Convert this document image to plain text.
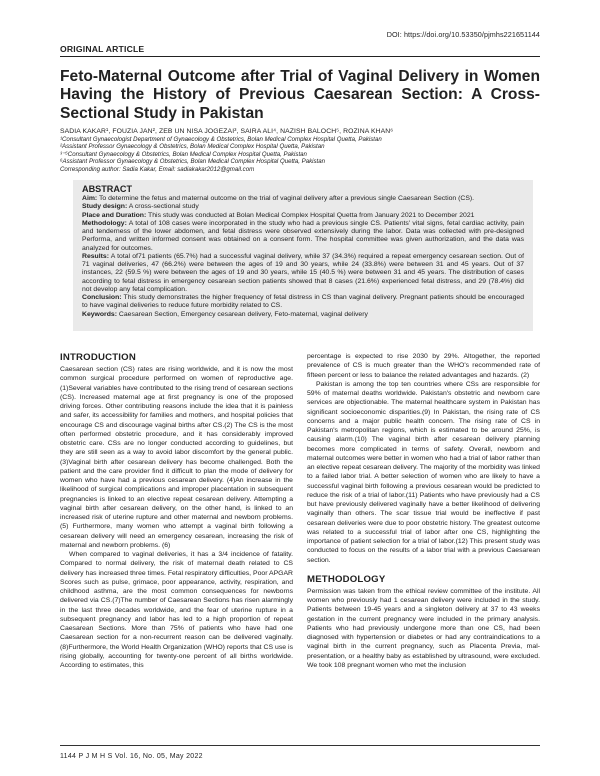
DOI: https://doi.org/10.53350/pjmhs221651144
ORIGINAL ARTICLE
Feto-Maternal Outcome after Trial of Vaginal Delivery in Women Having the History of Previous Caesarean Section: A Cross-Sectional Study in Pakistan
SADIA KAKAR¹, FOUZIA JAN², ZEB UN NISA JOGEZAI³, SAIRA ALI⁴, NAZISH BALOCH⁵, ROZINA KHAN⁶
¹Consultant Gynaecologist Department of Gynaecology & Obstetrics, Bolan Medical Complex Hospital Quetta, Pakistan
²Assistant Professor Gynaecology & Obstetrics, Bolan Medical Complex Hospital Quetta, Pakistan
³⁻⁵Consultant Gynaecology & Obstetrics, Bolan Medical Complex Hospital Quetta, Pakistan
⁶Assistant Professor Gynaecology & Obstetrics, Bolan Medical Complex Hospital Quetta, Pakistan
Corresponding author: Sadia Kakar, Email: sadiakakar2012@gmail.com
ABSTRACT

Aim: To determine the fetus and maternal outcome on the trial of vaginal delivery after a previous single Caesarean Section (CS).

Study design: A cross-sectional study

Place and Duration: This study was conducted at Bolan Medical Complex Hospital Quetta from January 2021 to December 2021

Methodology: A total of 108 cases were incorporated in the study who had a previous single CS. Patients' vital signs, fetal cardiac activity, pain and tenderness of the lower abdomen, and fetal distress were observed extensively during the labor. Data was collected with pre-designed Performa, and written informed consent was obtained on a consent form. The hospital committee was given authorization, and the data was analyzed for outcomes.

Results: A total of71 patients (65.7%) had a successful vaginal delivery, while 37 (34.3%) required a repeat emergency cesarean section. Out of 71 vaginal deliveries, 47 (66.2%) were between the ages of 19 and 30 years, while 24 (33.8%) were between 31 and 45 years. Out of 37 instances, 22 (59.5 %) were between the ages of 19 and 30 years, while 15 (40.5 %) were between 31 and 45 years. The distribution of cases according to fetal distress in emergency cesarean section patients showed that 8 cases (21.6%) experienced fetal distress, and 29 (78.4%) did not develop any fetal complication.

Conclusion: This study demonstrates the higher frequency of fetal distress in CS than vaginal delivery. Pregnant patients should be encouraged to have vaginal deliveries to reduce future morbidity related to CS.

Keywords: Caesarean Section, Emergency cesarean delivery, Feto-maternal, vaginal delivery

INTRODUCTION

Caesarean section (CS) rates are rising worldwide, and it is now the most common surgical procedure performed on women of reproductive age.(1)Several variables have contributed to the rising trend of cesarean sections (CS). Increased maternal age at first pregnancy is one of the proposed driving forces. Other contributing reasons include the idea that it is painless and safer, its accessibility for families and mothers, and hospital policies that encourage CS and discourage vaginal births after CS.(2) The CS is the most often performed obstetric procedure, and it has considerably improved obstetric care. CSs are no longer conducted according to guidelines, but they are still seen as a way to avoid labor discomfort by the general public.(3)Vaginal birth after cesarean delivery has become challenged. Both the patient and the care provider find it difficult to plan the mode of delivery for women who have had a previous cesarean delivery. (4)An increase in the likelihood of surgical complications and improper placentation in subsequent pregnancies is linked to an elective repeat cesarean delivery. Attempting a vaginal birth after cesarean delivery, on the other hand, is linked to an increased risk of uterine rupture and other maternal and newborn problems.(5) Furthermore, many women who attempt a vaginal birth following a cesarean delivery will need an emergency cesarean, increasing the risk of maternal and newborn problems. (6)

When compared to vaginal deliveries, it has a 3/4 incidence of fatality. Compared to normal delivery, the risk of maternal death related to CS delivery has increased three times. Fetal respiratory difficulties, Poor APGAR Scores such as pulse, grimace, poor appearance, activity, respiration, and childhood asthma, are the most common consequences for newborns delivered via CS.(7)The number of Caesarean Sections has risen alarmingly in the last three decades worldwide, and the fear of uterine rupture in a subsequent pregnancy and labor has led to a high proportion of repeat Caesarean Sections. More than 75% of patients who have had one Caesarean section for a non-recurrent reason can be delivered vaginally.(8)Furthermore, the World Health Organization (WHO) reports that CS use is rising globally, accounting for twenty-one percent of all births worldwide. According to estimates, this

percentage is expected to rise 2030 by 29%. Altogether, the reported prevalence of CS is much greater than the WHO's recommended rate of fifteen percent or less to balance the related advantages and hazards. (2)

Pakistan is among the top ten countries where CSs are responsible for 59% of maternal deaths worldwide. Pakistan's obstetric and newborn care services are objectionable. The maternal healthcare system in Pakistan has significant socioeconomic disparities.(9) In Pakistan, the rising rate of CS concerns and a major public health concern. The rising rate of CS in Pakistan's metropolitan regions, which is estimated to be around 25%, is causing alarm.(10) The vaginal birth after cesarean delivery planning becomes more complicated in terms of safety. Overall, newborn and maternal outcomes were better in women who had a trial of labor rather than an elective repeat cesarean delivery. The majority of the morbidity was linked to a failed labor trial. A better selection of women who are likely to have a successful vaginal birth following a previous cesarean would be predicted to reduce the risk of a trial of labor.(11) Patients who have previously had a CS but have previously delivered vaginally have a better likelihood of delivering vaginally than others. The scar tissue trial would be ineffective if past cesarean deliveries were due to poor obstetric history. The greatest outcome was related to a successful trial of labor after one CS, highlighting the importance of patient selection for a trial of labor.(12) This present study was conducted to focus on the results of a labor trial with a previous Caesarean section.

METHODOLOGY

Permission was taken from the ethical review committee of the institute. All women who previously had 1 cesarean delivery were included in the study. Patients between 19-45 years and a singleton delivery at 37 to 43 weeks gestation in the current pregnancy were included in the primary analysis. Patients who had previously undergone more than one CS, had been diagnosed with hypertension or diabetes or had any contraindications to a vaginal birth in the current pregnancy, such as Placenta Previa, mal-presentation, or a healthy baby as established by ultrasound, were excluded. We took 108 pregnant women who met the inclusion

1144 P J M H S Vol. 16, No. 05, May 2022
